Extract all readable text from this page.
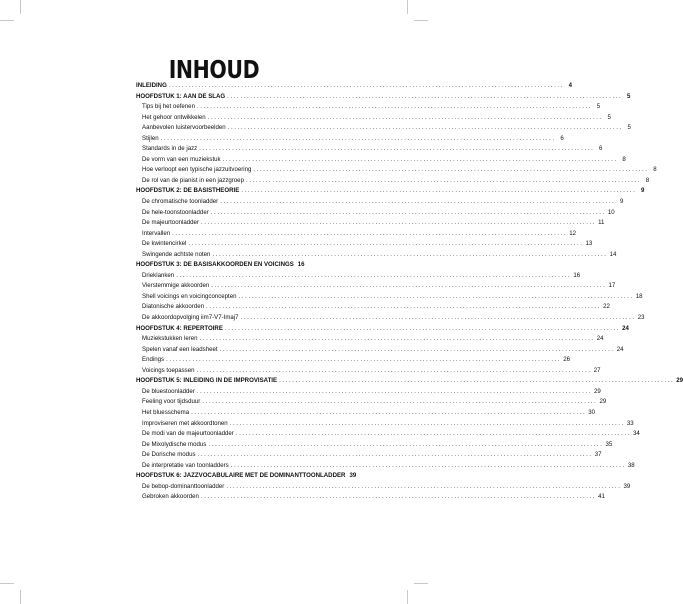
INHOUD
INLEIDING .....	4
HOOFDSTUK 1: AAN DE SLAG .....	5
Tips bij het oefenen .....	5
Het gehoor ontwikkelen .....	5
Aanbevolen luistervoorbeelden .....	5
Stijlen .....	6
Standards in de jazz .....	6
De vorm van een muziekstuk .....	8
Hoe verloopt een typische jazzuitvoering .....	8
De rol van de pianist in een jazzgroep .....	8
HOOFDSTUK 2: DE BASISTHEORIE .....	9
De chromatische toonladder .....	9
De hele-toonstoonladder .....	10
De majeurtoonladder .....	11
Intervallen .....	12
De kwintencirkel .....	13
Swingende achtste noten .....	14
HOOFDSTUK 3: DE BASISAKKOORDEN EN VOICINGS 16
Drieklanken .....	16
Vierstemmige akkoorden .....	17
Shell voicings en voicingconcepten .....	18
Diatonische akkoorden .....	22
De akkoordopvolging iim7-V7-Imaj7 .....	23
HOOFDSTUK 4: REPERTOIRE .....	24
Muziekstukken leren .....	24
Spelen vanaf een leadsheet .....	24
Endings .....	26
Voicings toepassen .....	27
HOOFDSTUK 5: INLEIDING IN DE IMPROVISATIE .....	29
De bluestoonladder .....	29
Feeling voor tijdsduur .....	29
Het bluesschema .....	30
Improviseren met akkoordtonen .....	33
De modi van de majeurtoonladder .....	34
De Mixolydische modus .....	35
De Dorische modus .....	37
De interpretatie van toonladders .....	38
HOOFDSTUK 6: JAZZVOCABULAIRE MET DE DOMINANTTOONLADDER 39
De bebop-dominanttoonladder .....	39
Gebroken akkoorden .....	41
